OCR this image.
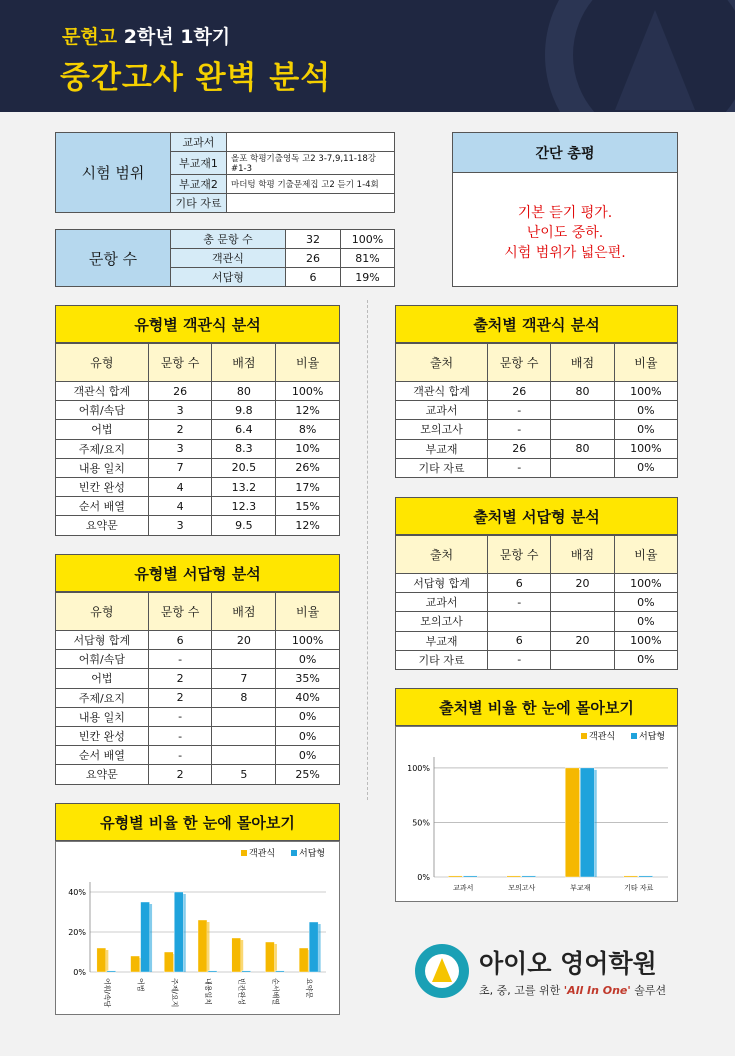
문현고 2학년 1학기
중간고사 완벽 분석
시험 범위	교과서	
	부교재1	올포 학평기출영독 고2 3-7,9,11-18강 #1-3
	부교재2	마더텅 학평 기출문제집 고2 듣기 1-4회
	기타 자료	
문항 수	총 문항 수	32	100%
	객관식	26	81%
	서답형	6	19%
간단 총평
기본 듣기 평가.
난이도 중하.
시험 범위가 넓은편.
유형별 객관식 분석
유형	문항 수	배점	비율
객관식 합계	26	80	100%
어휘/속담	3	9.8	12%
어법	2	6.4	8%
주제/요지	3	8.3	10%
내용 일치	7	20.5	26%
빈칸 완성	4	13.2	17%
순서 배열	4	12.3	15%
요약문	3	9.5	12%
유형별 서답형 분석
유형	문항 수	배점	비율
서답형 합계	6	20	100%
어휘/속담	-		0%
어법	2	7	35%
주제/요지	2	8	40%
내용 일치	-		0%
빈칸 완성	-		0%
순서 배열	-		0%
요약문	2	5	25%
출처별 객관식 분석
출처	문항 수	배점	비율
객관식 합계	26	80	100%
교과서	-		0%
모의고사	-		0%
부교재	26	80	100%
기타 자료	-		0%
출처별 서답형 분석
출처	문항 수	배점	비율
서답형 합계	6	20	100%
교과서	-		0%
모의고사			0%
부교재	6	20	100%
기타 자료	-		0%
출처별 비율 한 눈에 몰아보기
객관식	서답형
0%
50%
100%
교과서	모의고사	부교재	기타 자료
유형별 비율 한 눈에 몰아보기
객관식	서답형
0%
20%
40%
어휘/속담	어법	주제/요지	내용일치	빈칸완성	순서배열	요약문
아이오 영어학원
초, 중, 고를 위한 'All In One' 솔루션
